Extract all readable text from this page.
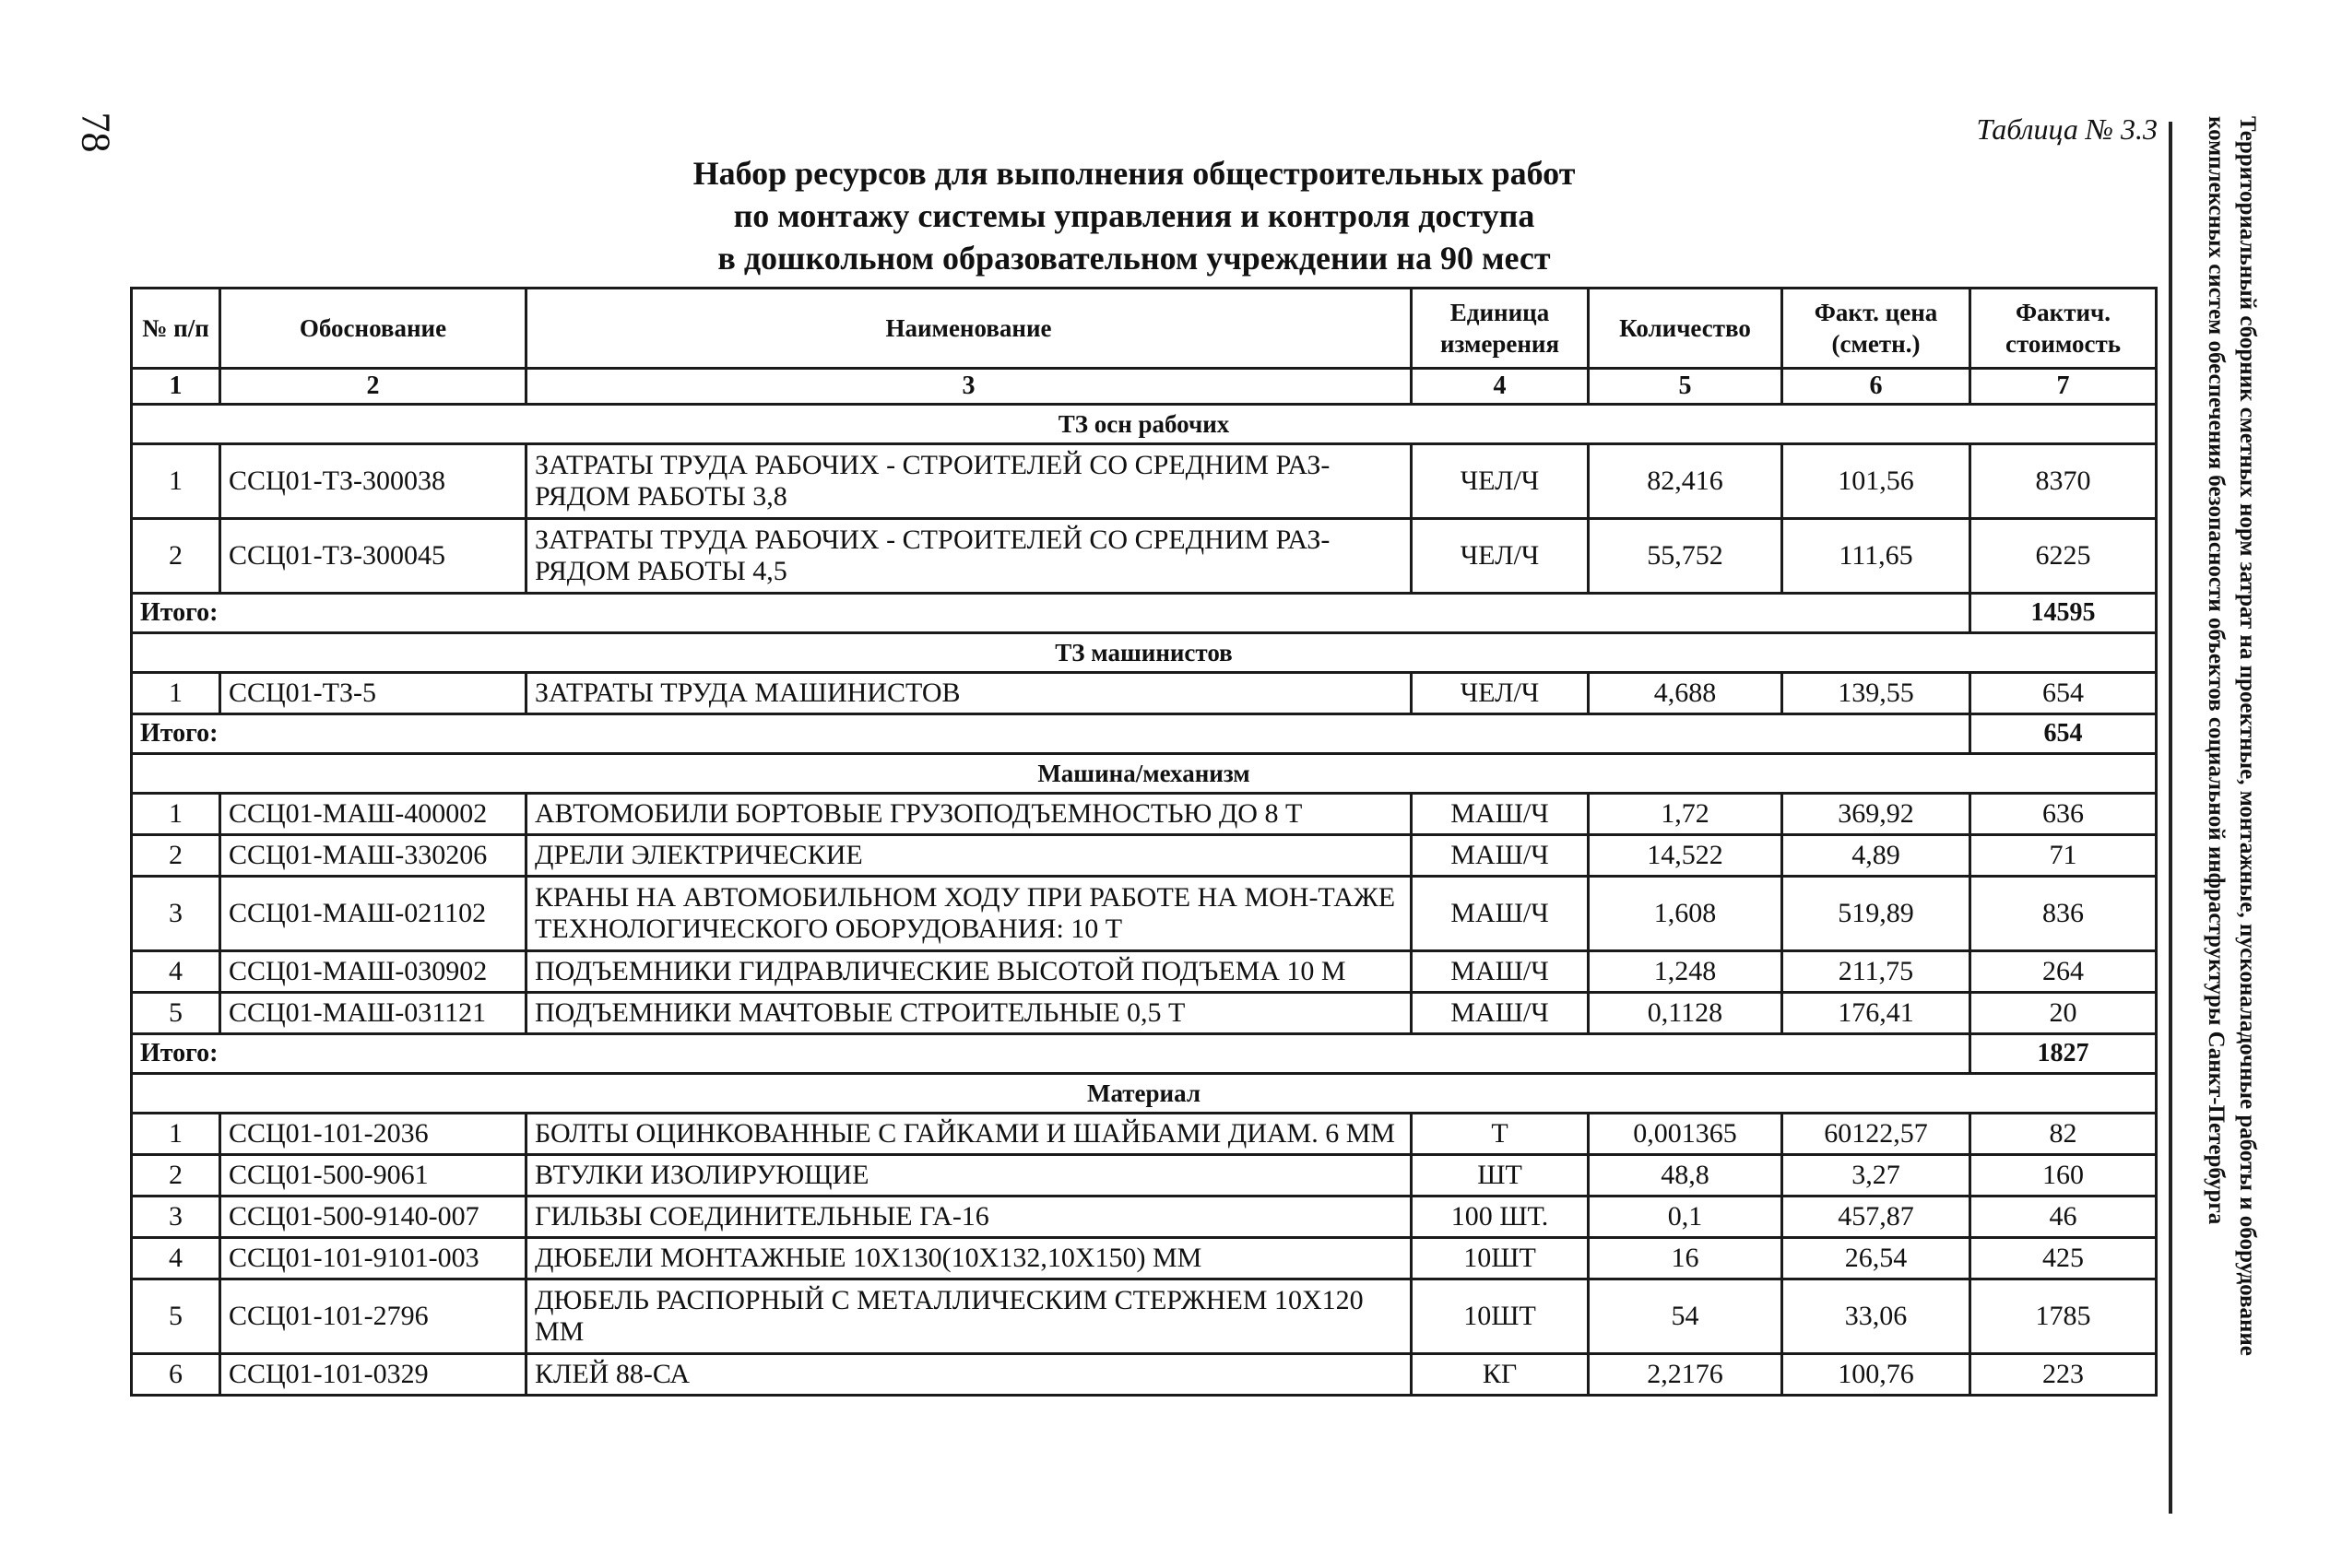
78	Таблица № 3.3
Набор ресурсов для выполнения общестроительных работ
по монтажу системы управления и контроля доступа
в дошкольном образовательном учреждении на 90 мест	Территориальный сборник сметных норм затрат на проектные, монтажные, пусконаладочные работы и оборудование комплексных систем обеспечения безопасности объектов социальной инфраструктуры Санкт-Петербурга
№ п/п	Обоснование	Наименование	Единица измерения	Количество	Факт. цена (сметн.)	Фактич. стоимость
1	2	3	4	5	6	7
ТЗ осн рабочих						
1	ССЦ01-ТЗ-300038	ЗАТРАТЫ ТРУДА РАБОЧИХ - СТРОИТЕЛЕЙ СО СРЕДНИМ РАЗ-РЯДОМ РАБОТЫ 3,8	ЧЕЛ/Ч	82,416	101,56	8370
2	ССЦ01-ТЗ-300045	ЗАТРАТЫ ТРУДА РАБОЧИХ - СТРОИТЕЛЕЙ СО СРЕДНИМ РАЗ-РЯДОМ РАБОТЫ 4,5	ЧЕЛ/Ч	55,752	111,65	6225
Итого:						14595
ТЗ машинистов						
1	ССЦ01-ТЗ-5	ЗАТРАТЫ ТРУДА МАШИНИСТОВ	ЧЕЛ/Ч	4,688	139,55	654
Итого:						654
Машина/механизм						
1	ССЦ01-МАШ-400002	АВТОМОБИЛИ БОРТОВЫЕ ГРУЗОПОДЪЕМНОСТЬЮ ДО 8 Т	МАШ/Ч	1,72	369,92	636
2	ССЦ01-МАШ-330206	ДРЕЛИ ЭЛЕКТРИЧЕСКИЕ	МАШ/Ч	14,522	4,89	71
3	ССЦ01-МАШ-021102	КРАНЫ НА АВТОМОБИЛЬНОМ ХОДУ ПРИ РАБОТЕ НА МОН-ТАЖЕ ТЕХНОЛОГИЧЕСКОГО ОБОРУДОВАНИЯ: 10 Т	МАШ/Ч	1,608	519,89	836
4	ССЦ01-МАШ-030902	ПОДЪЕМНИКИ ГИДРАВЛИЧЕСКИЕ ВЫСОТОЙ ПОДЪЕМА 10 М	МАШ/Ч	1,248	211,75	264
5	ССЦ01-МАШ-031121	ПОДЪЕМНИКИ МАЧТОВЫЕ СТРОИТЕЛЬНЫЕ 0,5 Т	МАШ/Ч	0,1128	176,41	20
Итого:						1827
Материал						
1	ССЦ01-101-2036	БОЛТЫ ОЦИНКОВАННЫЕ С ГАЙКАМИ И ШАЙБАМИ ДИАМ. 6 ММ	Т	0,001365	60122,57	82
2	ССЦ01-500-9061	ВТУЛКИ ИЗОЛИРУЮЩИЕ	ШТ	48,8	3,27	160
3	ССЦ01-500-9140-007	ГИЛЬЗЫ СОЕДИНИТЕЛЬНЫЕ ГА-16	100 ШТ.	0,1	457,87	46
4	ССЦ01-101-9101-003	ДЮБЕЛИ МОНТАЖНЫЕ 10Х130(10Х132,10Х150) ММ	10ШТ	16	26,54	425
5	ССЦ01-101-2796	ДЮБЕЛЬ РАСПОРНЫЙ С МЕТАЛЛИЧЕСКИМ СТЕРЖНЕМ 10Х120 ММ	10ШТ	54	33,06	1785
6	ССЦ01-101-0329	КЛЕЙ 88-СА	КГ	2,2176	100,76	223
